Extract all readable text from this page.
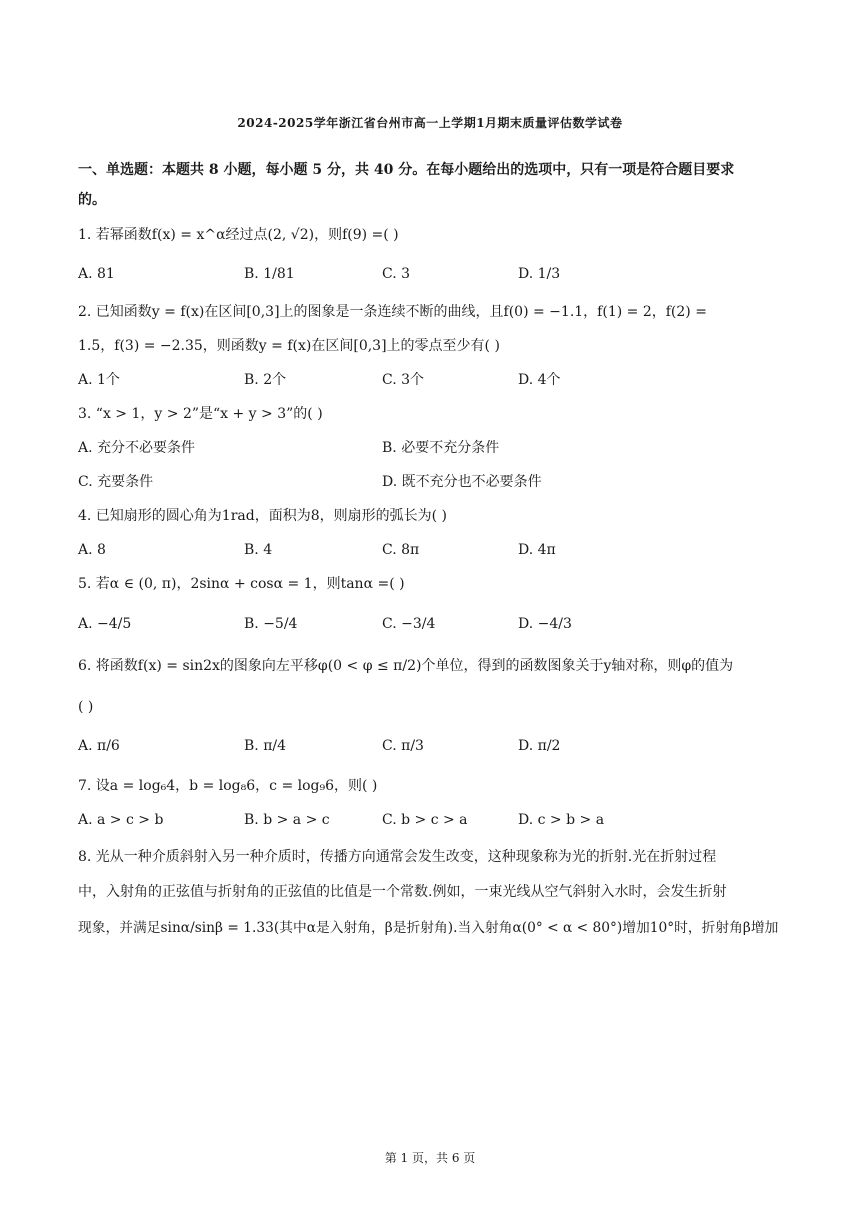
2024-2025学年浙江省台州市高一上学期1月期末质量评估数学试卷
一、单选题：本题共 8 小题，每小题 5 分，共 40 分。在每小题给出的选项中，只有一项是符合题目要求
的。
1. 若幂函数f(x) = x^α经过点(2, √2)，则f(9) =( )
A. 81	B. 1/81	C. 3	D. 1/3
2. 已知函数y = f(x)在区间[0,3]上的图象是一条连续不断的曲线，且f(0) = −1.1，f(1) = 2，f(2) =
1.5，f(3) = −2.35，则函数y = f(x)在区间[0,3]上的零点至少有( )
A. 1个	B. 2个	C. 3个	D. 4个
3. “x > 1，y > 2”是“x + y > 3”的( )
A. 充分不必要条件	B. 必要不充分条件
C. 充要条件	D. 既不充分也不必要条件
4. 已知扇形的圆心角为1rad，面积为8，则扇形的弧长为( )
A. 8	B. 4	C. 8π	D. 4π
5. 若α ∈ (0, π)，2sinα + cosα = 1，则tanα =( )
A. −4/5	B. −5/4	C. −3/4	D. −4/3
6. 将函数f(x) = sin2x的图象向左平移φ(0 < φ ≤ π/2)个单位，得到的函数图象关于y轴对称，则φ的值为
( )
A. π/6	B. π/4	C. π/3	D. π/2
7. 设a = log₆4，b = log₈6，c = log₉6，则( )
A. a > c > b	B. b > a > c	C. b > c > a	D. c > b > a
8. 光从一种介质斜射入另一种介质时，传播方向通常会发生改变，这种现象称为光的折射.光在折射过程
中，入射角的正弦值与折射角的正弦值的比值是一个常数.例如，一束光线从空气斜射入水时，会发生折射
现象，并满足sinα/sinβ = 1.33(其中α是入射角，β是折射角).当入射角α(0° < α < 80°)增加10°时，折射角β增加
第 1 页，共 6 页
